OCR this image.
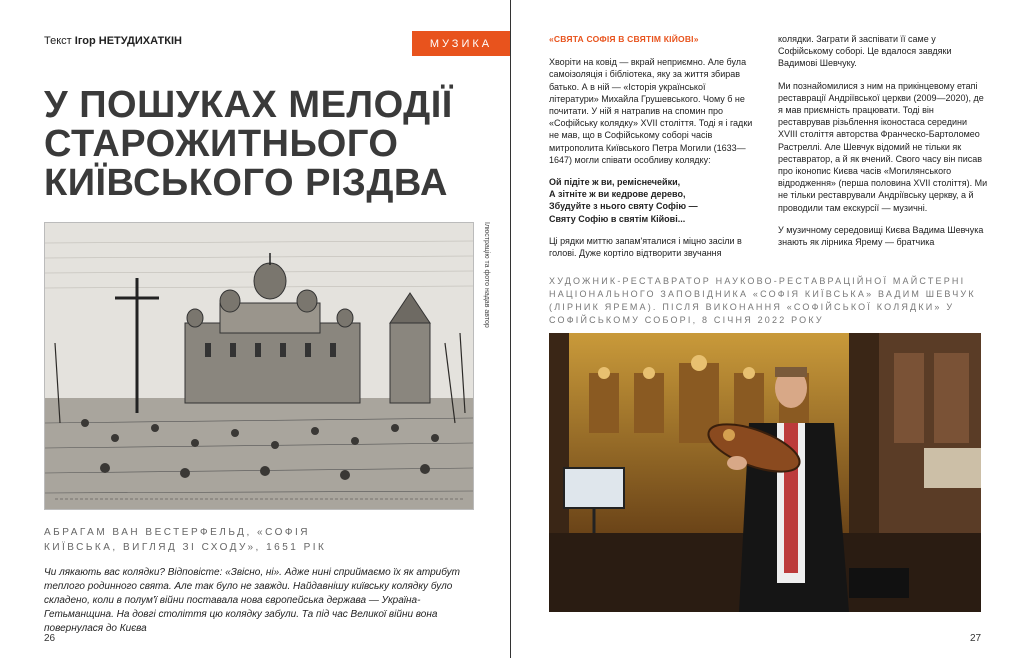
Текст Ігор НЕТУДИХАТКІН	МУЗИКА
У ПОШУКАХ МЕЛОДІЇ
СТАРОЖИТНЬОГО
КИЇВСЬКОГО РІЗДВА
Ілюстрацію та фото надав автор
АБРАГАМ ВАН ВЕСТЕРФЕЛЬД, «СОФІЯ КИЇВСЬКА, ВИГЛЯД ЗІ СХОДУ», 1651 РІК
Чи лякають вас колядки? Відповісте: «Звісно, ні». Адже нині сприймаємо їх як атрибут теплого родинного свята. Але так було не завжди. Найдавнішу київську колядку було складено, коли в полум'ї війни поставала нова європейська держава — Україна-Гетьманщина. На довгі століття цю колядку забули. Та під час Великої війни вона повернулася до Києва
26
«СВЯТА СОФІЯ В СВЯТІМ КІЙОВІ»

Хворіти на ковід — вкрай неприємно. Але була самоізоляція і бібліотека, яку за життя збирав батько. А в ній — «Історія української літератури» Михайла Грушевського. Чому б не почитати. У ній я натрапив на спомин про «Софійську колядку» XVII століття. Тоді я і гадки не мав, що в Софійському соборі часів митрополита Київського Петра Могили (1633—1647) могли співати особливу колядку:

Ой підіте ж ви, реміснечейки,
А зітніте ж ви кедрове дерево,
Збудуйте з нього святу Софію —
Святу Софію в святім Кійові...

Ці рядки миттю запам'яталися і міцно засіли в голові. Дуже кортіло відтворити звучання

колядки. Заграти й заспівати її саме у Софійському соборі. Це вдалося завдяки Вадимові Шевчуку.

Ми познайомилися з ним на прикінцевому етапі реставрації Андріївської церкви (2009—2020), де я мав приємність працювати. Тоді він реставрував різьблення іконостаса середини XVIII століття авторства Франческо-Бартоломео Растреллі. Але Шевчук відомий не тільки як реставратор, а й як вчений. Свого часу він писав про іконопис Києва часів «Могилянського відродження» (перша половина XVII століття). Ми не тільки реставрували Андріївську церкву, а й проводили там екскурсії — музичні.

У музичному середовищі Києва Вадима Шевчука знають як лірника Ярему — братчика

ХУДОЖНИК-РЕСТАВРАТОР НАУКОВО-РЕСТАВРАЦІЙНОЇ МАЙСТЕРНІ НАЦІОНАЛЬНОГО ЗАПОВІДНИКА «СОФІЯ КИЇВСЬКА» ВАДИМ ШЕВЧУК (ЛІРНИК ЯРЕМА). ПІСЛЯ ВИКОНАННЯ «СОФІЙСЬКОЇ КОЛЯДКИ» У СОФІЙСЬКОМУ СОБОРІ, 8 СІЧНЯ 2022 РОКУ
27
